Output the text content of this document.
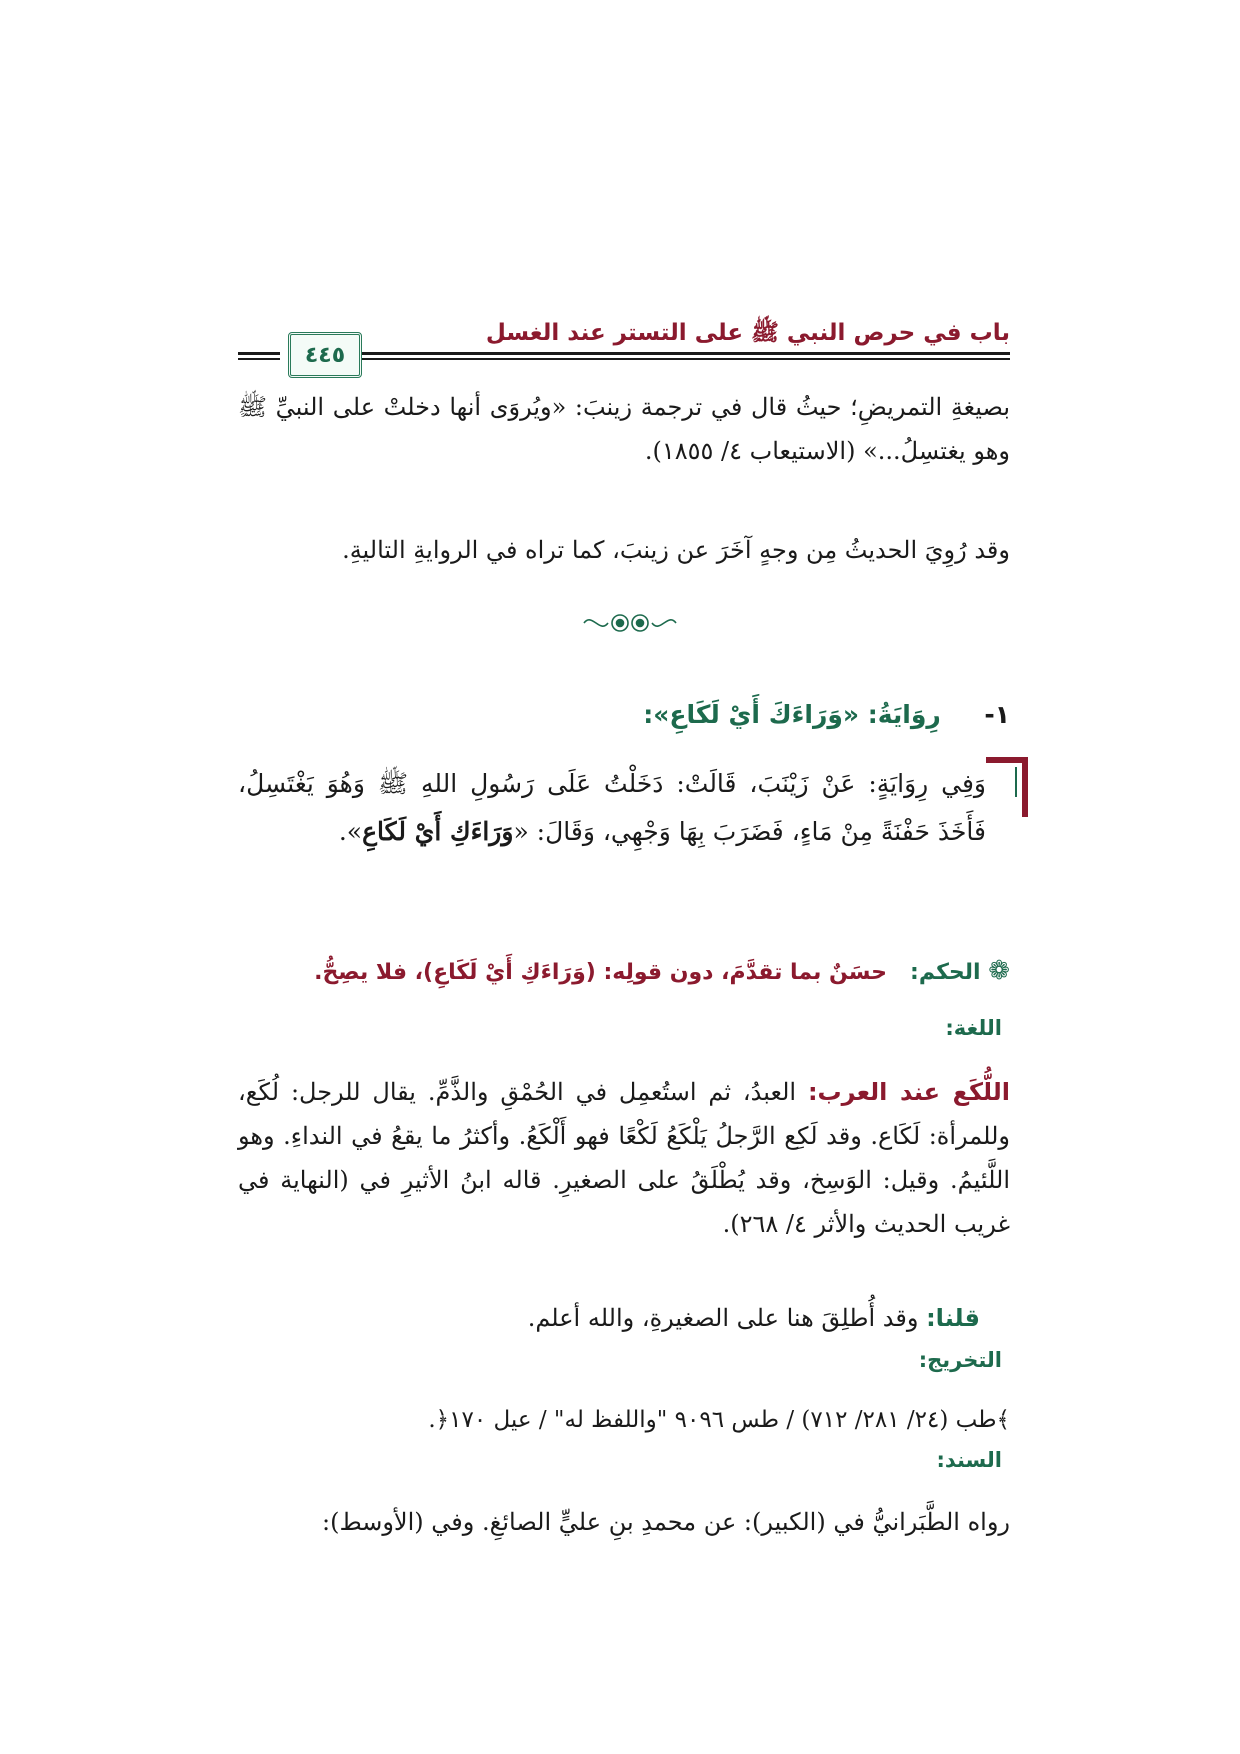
باب في حرص النبي ﷺ على التستر عند الغسل
٤٤٥
بصيغةِ التمريضِ؛ حيثُ قال في ترجمة زينبَ: «ويُروَى أنها دخلتْ على النبيِّ ﷺ وهو يغتسِلُ...» (الاستيعاب ٤/ ١٨٥٥).
وقد رُوِيَ الحديثُ مِن وجهٍ آخَرَ عن زينبَ، كما تراه في الروايةِ التاليةِ.
١-     رِوَايَةُ: «وَرَاءَكَ أَيْ لَكَاعِ»:
وَفِي رِوَايَةٍ: عَنْ زَيْنَبَ، قَالَتْ: دَخَلْتُ عَلَى رَسُولِ اللهِ ﷺ وَهُوَ يَغْتَسِلُ، فَأَخَذَ حَفْنَةً مِنْ مَاءٍ، فَضَرَبَ بِهَا وَجْهِي، وَقَالَ: «وَرَاءَكِ أَيْ لَكَاعِ».
❁ الحكم:   حسَنٌ بما تقدَّمَ، دون قولِه: (وَرَاءَكِ أَيْ لَكَاعِ)، فلا يصِحُّ.
اللغة:
اللُّكَع عند العرب: العبدُ، ثم استُعمِل في الحُمْقِ والذَّمِّ. يقال للرجل: لُكَع، وللمرأة: لَكَاع. وقد لَكِع الرَّجلُ يَلْكَعُ لَكْعًا فهو أَلْكَعُ. وأكثرُ ما يقعُ في النداءِ. وهو اللَّئيمُ. وقيل: الوَسِخ، وقد يُطْلَقُ على الصغيرِ. قاله ابنُ الأثيرِ في (النهاية في غريب الحديث والأثر ٤/ ٢٦٨).
قلنا: وقد أُطلِقَ هنا على الصغيرةِ، والله أعلم.
التخريج:
﴾طب (٢٤/ ٢٨١/ ٧١٢) / طس ٩٠٩٦ "واللفظ له" / عيل ١٧٠﴿.
السند:
رواه الطَّبَرانيُّ في (الكبير): عن محمدِ بنِ عليٍّ الصائغِ. وفي (الأوسط):
